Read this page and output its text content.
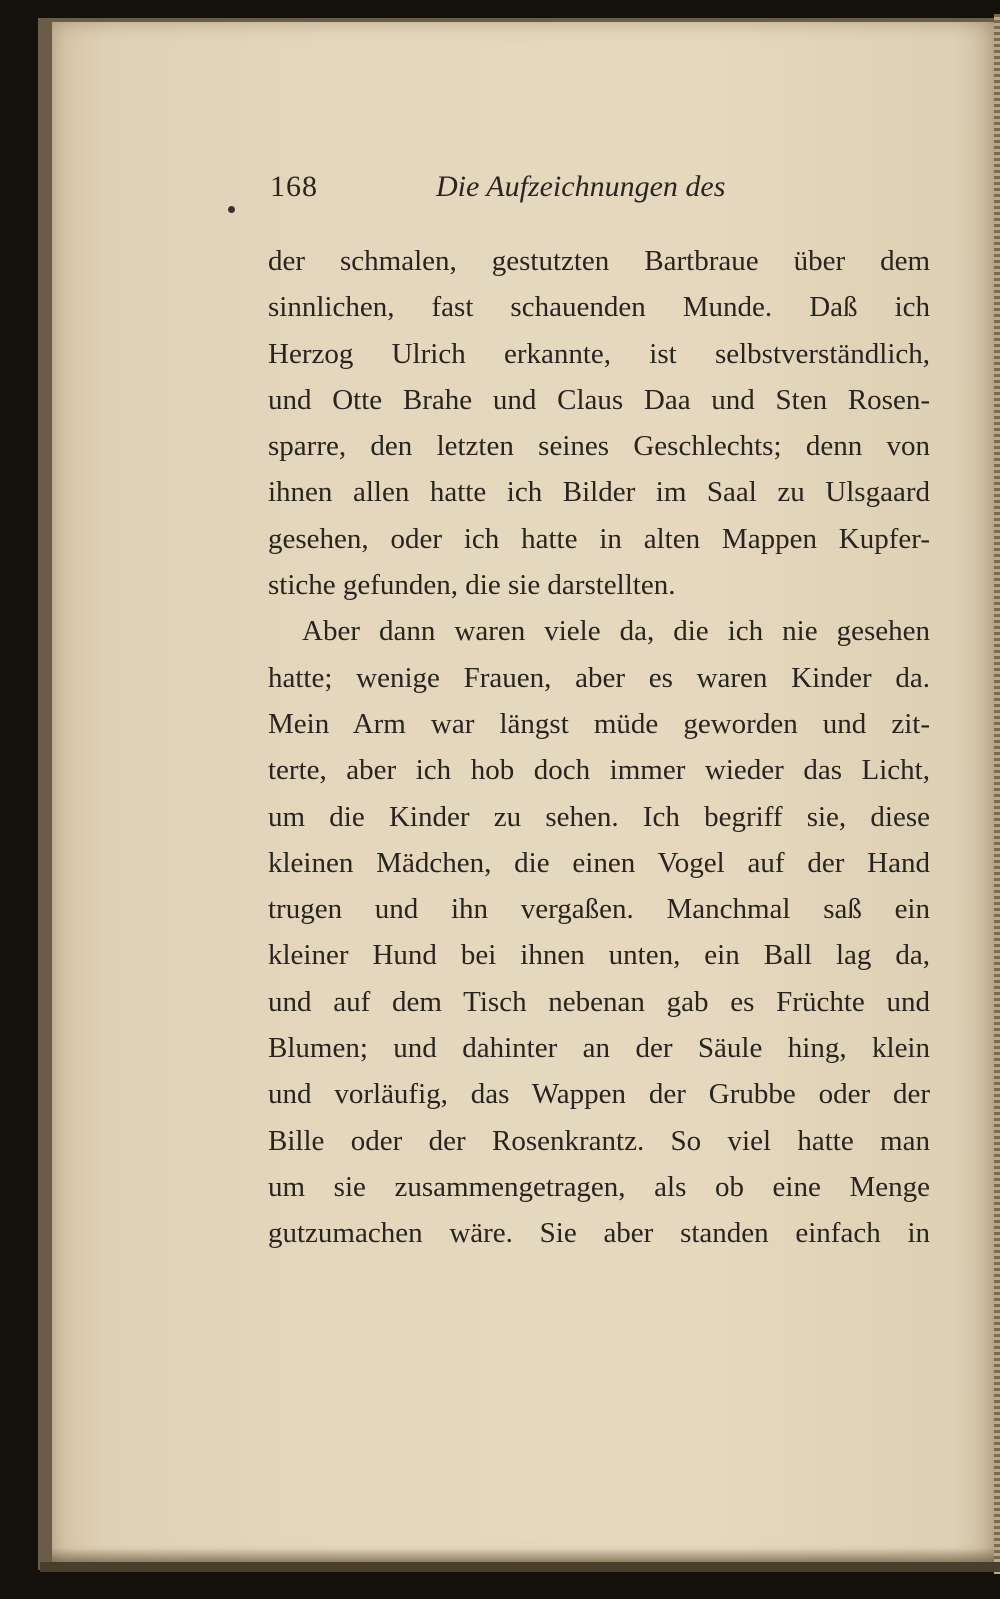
168	Die Aufzeichnungen des
der schmalen, gestutzten Bartbraue über dem
sinnlichen, fast schauenden Munde. Daß ich
Herzog Ulrich erkannte, ist selbstverständlich,
und Otte Brahe und Claus Daa und Sten Rosen-
sparre, den letzten seines Geschlechts; denn von
ihnen allen hatte ich Bilder im Saal zu Ulsgaard
gesehen, oder ich hatte in alten Mappen Kupfer-
stiche gefunden, die sie darstellten.
Aber dann waren viele da, die ich nie gesehen
hatte; wenige Frauen, aber es waren Kinder da.
Mein Arm war längst müde geworden und zit-
terte, aber ich hob doch immer wieder das Licht,
um die Kinder zu sehen. Ich begriff sie, diese
kleinen Mädchen, die einen Vogel auf der Hand
trugen und ihn vergaßen. Manchmal saß ein
kleiner Hund bei ihnen unten, ein Ball lag da,
und auf dem Tisch nebenan gab es Früchte und
Blumen; und dahinter an der Säule hing, klein
und vorläufig, das Wappen der Grubbe oder der
Bille oder der Rosenkrantz. So viel hatte man
um sie zusammengetragen, als ob eine Menge
gutzumachen wäre. Sie aber standen einfach in
